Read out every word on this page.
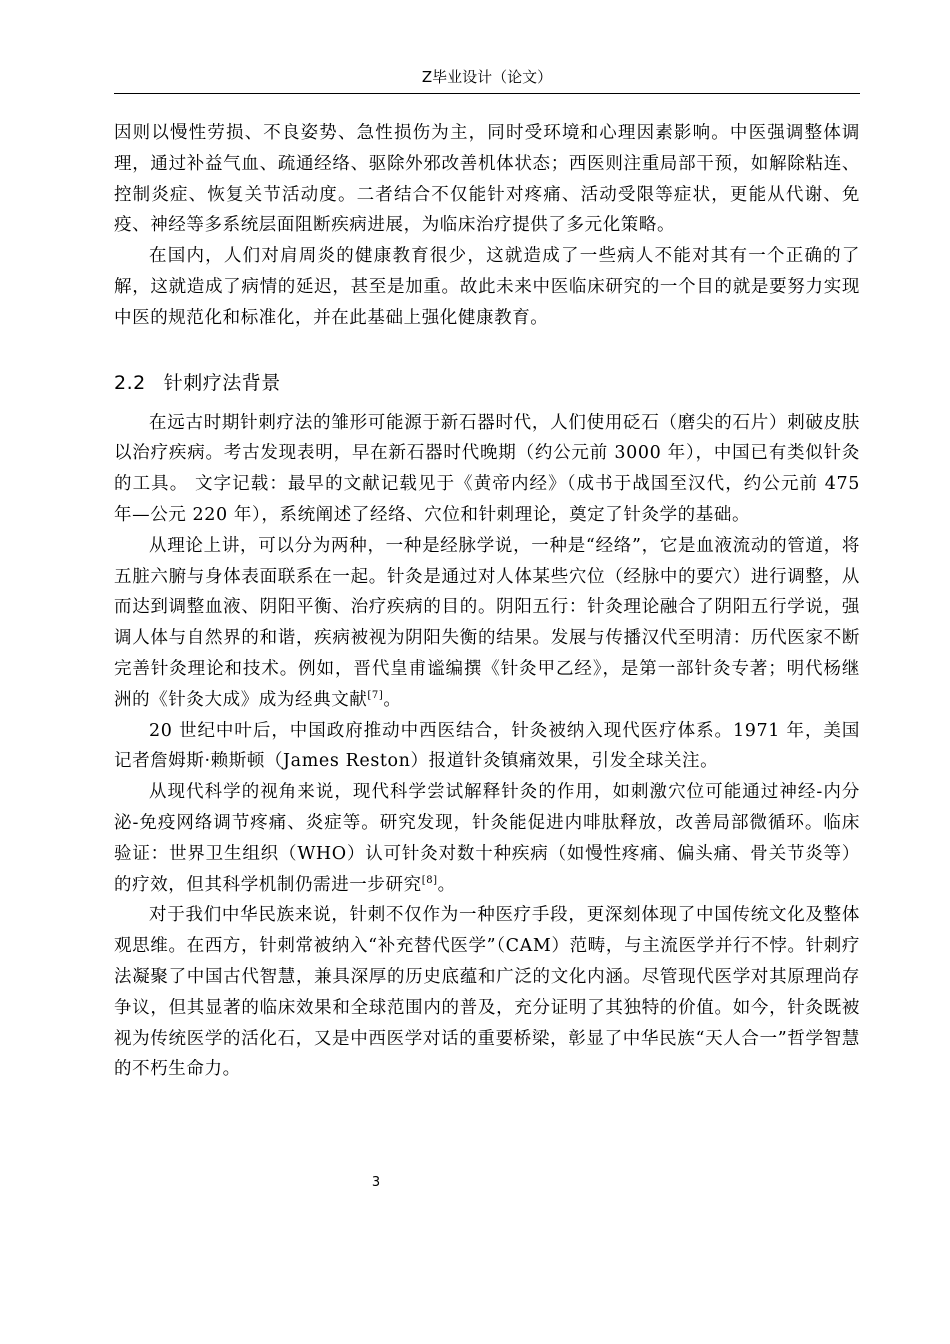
Z毕业设计（论文）

因则以慢性劳损、不良姿势、急性损伤为主，同时受环境和心理因素影响。中医强调整体调理，通过补益气血、疏通经络、驱除外邪改善机体状态；西医则注重局部干预，如解除粘连、控制炎症、恢复关节活动度。二者结合不仅能针对疼痛、活动受限等症状，更能从代谢、免疫、神经等多系统层面阻断疾病进展，为临床治疗提供了多元化策略。

在国内，人们对肩周炎的健康教育很少，这就造成了一些病人不能对其有一个正确的了解，这就造成了病情的延迟，甚至是加重。故此未来中医临床研究的一个目的就是要努力实现中医的规范化和标准化，并在此基础上强化健康教育。

2.2 针刺疗法背景

在远古时期针刺疗法的雏形可能源于新石器时代，人们使用砭石（磨尖的石片）刺破皮肤以治疗疾病。考古发现表明，早在新石器时代晚期（约公元前 3000 年），中国已有类似针灸的工具。 文字记载：最早的文献记载见于《黄帝内经》（成书于战国至汉代，约公元前 475 年—公元 220 年），系统阐述了经络、穴位和针刺理论，奠定了针灸学的基础。

从理论上讲，可以分为两种，一种是经脉学说，一种是“经络”，它是血液流动的管道，将五脏六腑与身体表面联系在一起。针灸是通过对人体某些穴位（经脉中的要穴）进行调整，从而达到调整血液、阴阳平衡、治疗疾病的目的。阴阳五行：针灸理论融合了阴阳五行学说，强调人体与自然界的和谐，疾病被视为阴阳失衡的结果。发展与传播汉代至明清：历代医家不断完善针灸理论和技术。例如，晋代皇甫谧编撰《针灸甲乙经》，是第一部针灸专著；明代杨继洲的《针灸大成》成为经典文献[7]。

20 世纪中叶后，中国政府推动中西医结合，针灸被纳入现代医疗体系。1971 年，美国记者詹姆斯·赖斯顿（James Reston）报道针灸镇痛效果，引发全球关注。

从现代科学的视角来说，现代科学尝试解释针灸的作用，如刺激穴位可能通过神经-内分泌-免疫网络调节疼痛、炎症等。研究发现，针灸能促进内啡肽释放，改善局部微循环。临床验证：世界卫生组织（WHO）认可针灸对数十种疾病（如慢性疼痛、偏头痛、骨关节炎等）的疗效，但其科学机制仍需进一步研究[8]。

对于我们中华民族来说，针刺不仅作为一种医疗手段，更深刻体现了中国传统文化及整体观思维。在西方，针刺常被纳入“补充替代医学”（CAM）范畴，与主流医学并行不悖。针刺疗法凝聚了中国古代智慧，兼具深厚的历史底蕴和广泛的文化内涵。尽管现代医学对其原理尚存争议，但其显著的临床效果和全球范围内的普及，充分证明了其独特的价值。如今，针灸既被视为传统医学的活化石，又是中西医学对话的重要桥梁，彰显了中华民族“天人合一”哲学智慧的不朽生命力。

3
